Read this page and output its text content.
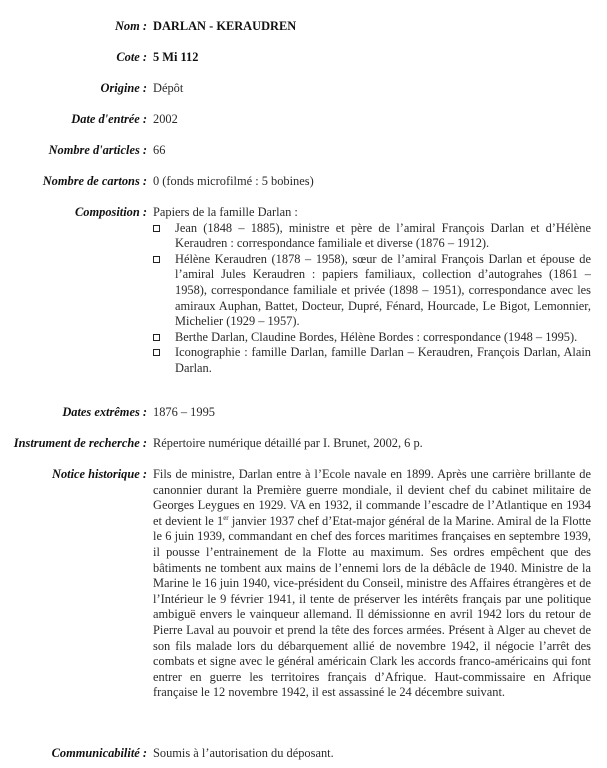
Nom : DARLAN - KERAUDREN
Cote : 5 Mi 112
Origine : Dépôt
Date d'entrée : 2002
Nombre d'articles : 66
Nombre de cartons : 0 (fonds microfilmé : 5 bobines)
Composition : Papiers de la famille Darlan :
Jean (1848 – 1885), ministre et père de l’amiral François Darlan et d’Hélène Keraudren : correspondance familiale et diverse (1876 – 1912).
Hélène Keraudren (1878 – 1958), sœur de l’amiral François Darlan et épouse de l’amiral Jules Keraudren : papiers familiaux, collection d’autograhes (1861 – 1958), correspondance familiale et privée (1898 – 1951), correspondance avec les amiraux Auphan, Battet, Docteur, Dupré, Fénard, Hourcade, Le Bigot, Lemonnier, Michelier (1929 – 1957).
Berthe Darlan, Claudine Bordes, Hélène Bordes : correspondance (1948 – 1995).
Iconographie : famille Darlan, famille Darlan – Keraudren, François Darlan, Alain Darlan.
Dates extrêmes : 1876 – 1995
Instrument de recherche : Répertoire numérique détaillé par I. Brunet, 2002, 6 p.
Notice historique : Fils de ministre, Darlan entre à l’Ecole navale en 1899. Après une carrière brillante de canonnier durant la Première guerre mondiale, il devient chef du cabinet militaire de Georges Leygues en 1929. VA en 1932, il commande l’escadre de l’Atlantique en 1934 et devient le 1er janvier 1937 chef d’Etat-major général de la Marine. Amiral de la Flotte le 6 juin 1939, commandant en chef des forces maritimes françaises en septembre 1939, il pousse l’entrainement de la Flotte au maximum. Ses ordres empêchent que des bâtiments ne tombent aux mains de l’ennemi lors de la débâcle de 1940. Ministre de la Marine le 16 juin 1940, vice-président du Conseil, ministre des Affaires étrangères et de l’Intérieur le 9 février 1941, il tente de préserver les intérêts français par une politique ambiguë envers le vainqueur allemand. Il démissionne en avril 1942 lors du retour de Pierre Laval au pouvoir et prend la tête des forces armées. Présent à Alger au chevet de son fils malade lors du débarquement allié de novembre 1942, il négocie l’arrêt des combats et signe avec le général américain Clark les accords franco-américains qui font entrer en guerre les territoires français d’Afrique. Haut-commissaire en Afrique française le 12 novembre 1942, il est assassiné le 24 décembre suivant.
Communicabilité : Soumis à l’autorisation du déposant.
